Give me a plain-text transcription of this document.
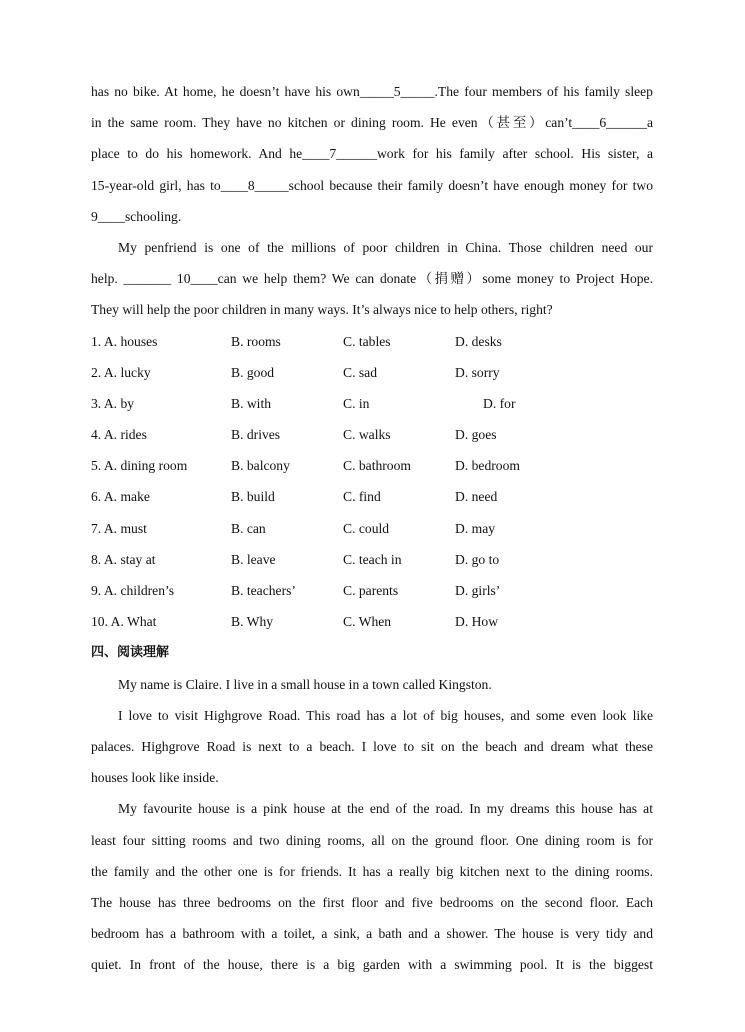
has no bike. At home, he doesn’t have his own_____5_____.The four members of his family sleep
in the same room. They have no kitchen or dining room. He even（甚至）can’t____6______a
place to do his homework. And he____7______work for his family after school. His sister, a
15-year-old girl, has to____8_____school because their family doesn’t have enough money for two
9____schooling.
My penfriend is one of the millions of poor children in China. Those children need our
help. _______ 10____can we help them? We can donate（捐赠）some money to Project Hope.
They will help the poor children in many ways. It’s always nice to help others, right?
1. A. houses	B. rooms	C. tables	D. desks
2. A. lucky	B. good	C. sad	D. sorry
3. A. by	B. with	C. in	D. for
4. A. rides	B. drives	C. walks	D. goes
5. A. dining room	B. balcony	C. bathroom	D. bedroom
6. A. make	B. build	C. find	D. need
7. A. must	B. can	C. could	D. may
8. A. stay at	B. leave	C. teach in	D. go to
9. A. children’s	B. teachers’	C. parents	D. girls’
10. A. What	B. Why	C. When	D. How
四、阅读理解
My name is Claire. I live in a small house in a town called Kingston.
I love to visit Highgrove Road. This road has a lot of big houses, and some even look like
palaces. Highgrove Road is next to a beach. I love to sit on the beach and dream what these
houses look like inside.
My favourite house is a pink house at the end of the road. In my dreams this house has at
least four sitting rooms and two dining rooms, all on the ground floor. One dining room is for
the family and the other one is for friends. It has a really big kitchen next to the dining rooms.
The house has three bedrooms on the first floor and five bedrooms on the second floor. Each
bedroom has a bathroom with a toilet, a sink, a bath and a shower. The house is very tidy and
quiet. In front of the house, there is a big garden with a swimming pool. It is the biggest
